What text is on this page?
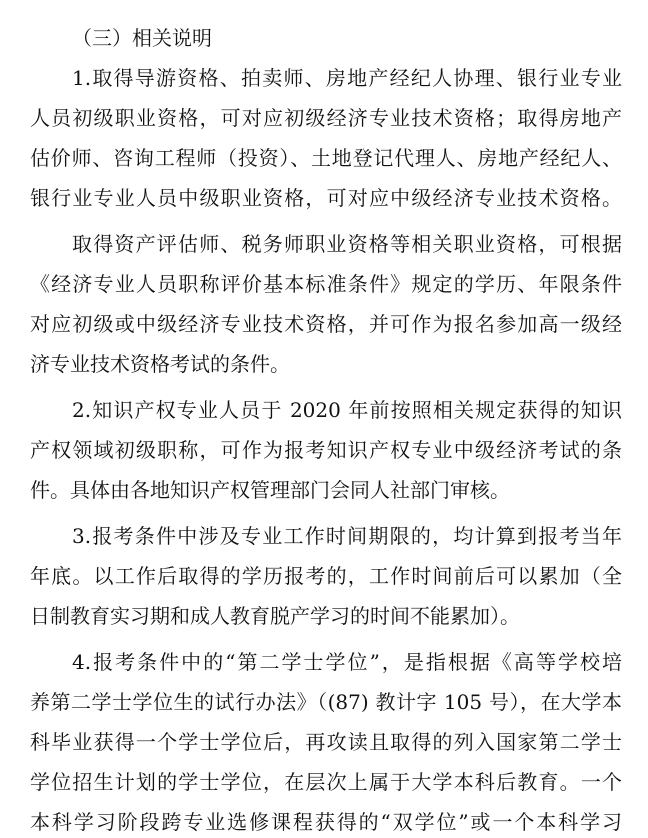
（三）相关说明
1.取得导游资格、拍卖师、房地产经纪人协理、银行业专业
人员初级职业资格，可对应初级经济专业技术资格；取得房地产
估价师、咨询工程师（投资）、土地登记代理人、房地产经纪人、
银行业专业人员中级职业资格，可对应中级经济专业技术资格。
取得资产评估师、税务师职业资格等相关职业资格，可根据
《经济专业人员职称评价基本标准条件》规定的学历、年限条件
对应初级或中级经济专业技术资格，并可作为报名参加高一级经
济专业技术资格考试的条件。
2.知识产权专业人员于 2020 年前按照相关规定获得的知识
产权领域初级职称，可作为报考知识产权专业中级经济考试的条
件。具体由各地知识产权管理部门会同人社部门审核。
3.报考条件中涉及专业工作时间期限的，均计算到报考当年
年底。以工作后取得的学历报考的，工作时间前后可以累加（全
日制教育实习期和成人教育脱产学习的时间不能累加）。
4.报考条件中的“第二学士学位”，是指根据《高等学校培
养第二学士学位生的试行办法》（(87) 教计字 105 号），在大学本
科毕业获得一个学士学位后，再攻读且取得的列入国家第二学士
学位招生计划的学士学位，在层次上属于大学本科后教育。一个
本科学习阶段跨专业选修课程获得的“双学位”或一个本科学习
